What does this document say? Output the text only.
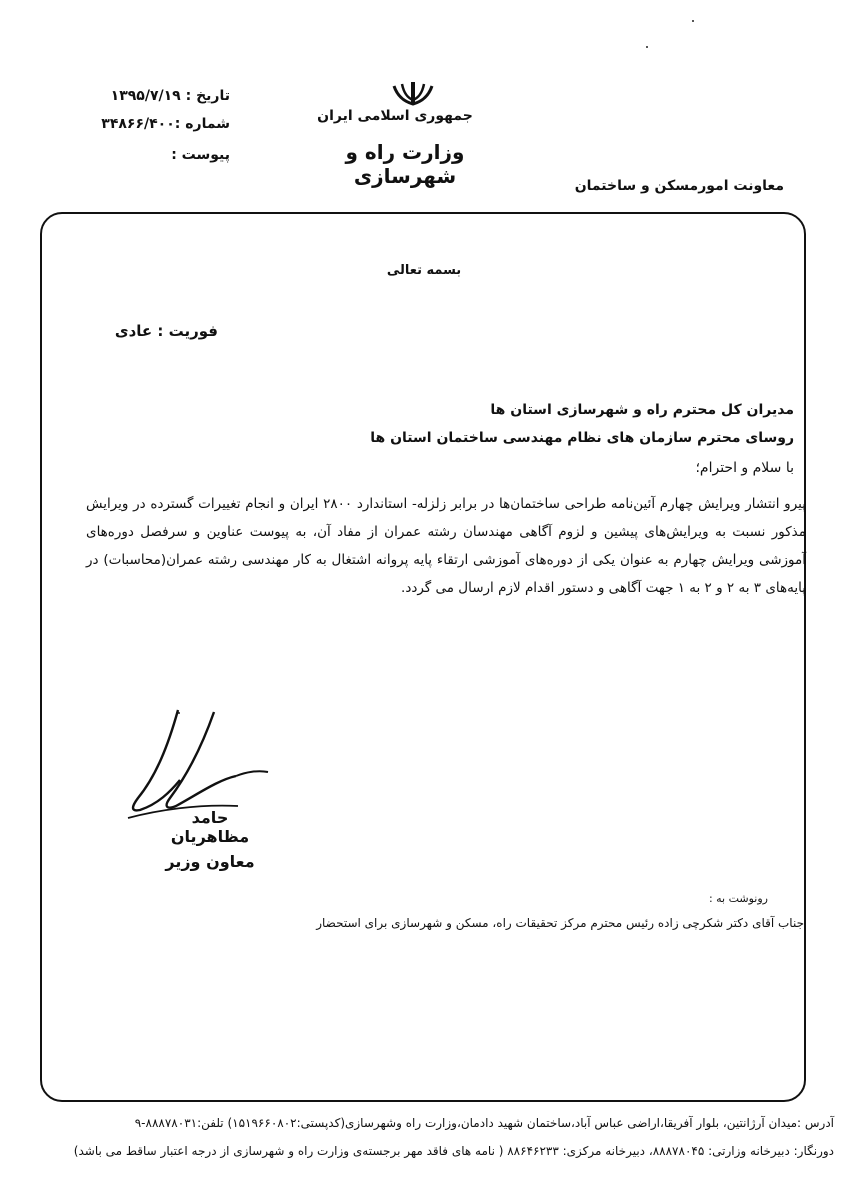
تاریخ : ۱۳۹۵/۷/۱۹
شماره :۳۴۸۶۶/۴۰۰
پیوست :
جمهوری اسلامی ایران
وزارت راه و شهرسازی	معاونت امورمسکن و ساختمان
بسمه تعالی
فوریت : عادی
مدیران کل محترم راه و شهرسازی استان ها
روسای محترم سازمان های نظام مهندسی ساختمان استان ها
با سلام و احترام؛
پیرو انتشار ویرایش چهارم آئین‌نامه طراحی ساختمان‌ها در برابر زلزله- استاندارد ۲۸۰۰ ایران و انجام تغییرات گسترده در ویرایش مذکور نسبت به ویرایش‌های پیشین و لزوم آگاهی مهندسان رشته عمران از مفاد آن، به پیوست عناوین و سرفصل دوره‌های آموزشی ویرایش چهارم به عنوان یکی از دوره‌های آموزشی ارتقاء پایه پروانه اشتغال به کار مهندسی رشته عمران(محاسبات) در پایه‌های ۳ به ۲ و ۲ به ۱ جهت آگاهی و دستور اقدام لازم ارسال می گردد.
حامد مظاهریان
معاون وزیر
رونوشت به :
جناب آقای دکتر شکرچی زاده رئیس محترم مرکز تحقیقات راه، مسکن و شهرسازی برای استحضار
آدرس :میدان آرژانتین، بلوار آفریقا،اراضی عباس آباد،ساختمان شهید دادمان،وزارت راه وشهرسازی(کدپستی:۱۵۱۹۶۶۰۸۰۲) تلفن:۸۸۸۷۸۰۳۱-۹
دورنگار: دبیرخانه وزارتی: ۸۸۸۷۸۰۴۵، دبیرخانه مرکزی: ۸۸۶۴۶۲۳۳ ( نامه های فاقد مهر برجسته‌ی وزارت راه و شهرسازی از درجه اعتبار ساقط می باشد)
